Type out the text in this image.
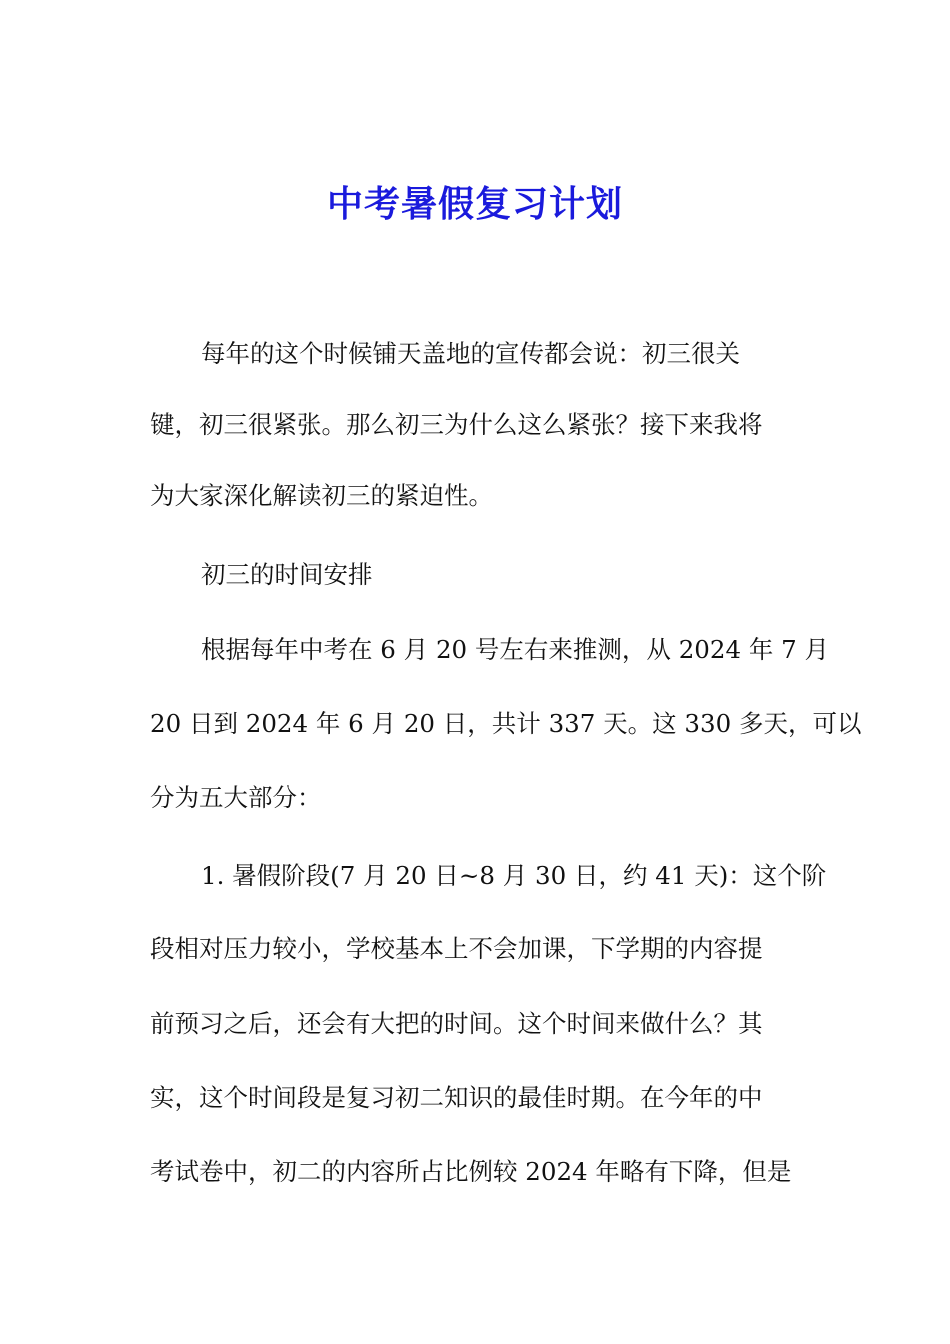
中考暑假复习计划
每年的这个时候铺天盖地的宣传都会说：初三很关
键，初三很紧张。那么初三为什么这么紧张？接下来我将
为大家深化解读初三的紧迫性。
初三的时间安排
根据每年中考在 6 月 20 号左右来推测，从 2024 年 7 月
20 日到 2024 年 6 月 20 日，共计 337 天。这 330 多天，可以
分为五大部分：
1. 暑假阶段(7 月 20 日~8 月 30 日，约 41 天)：这个阶
段相对压力较小，学校基本上不会加课，下学期的内容提
前预习之后，还会有大把的时间。这个时间来做什么？其
实，这个时间段是复习初二知识的最佳时期。在今年的中
考试卷中，初二的内容所占比例较 2024 年略有下降，但是
